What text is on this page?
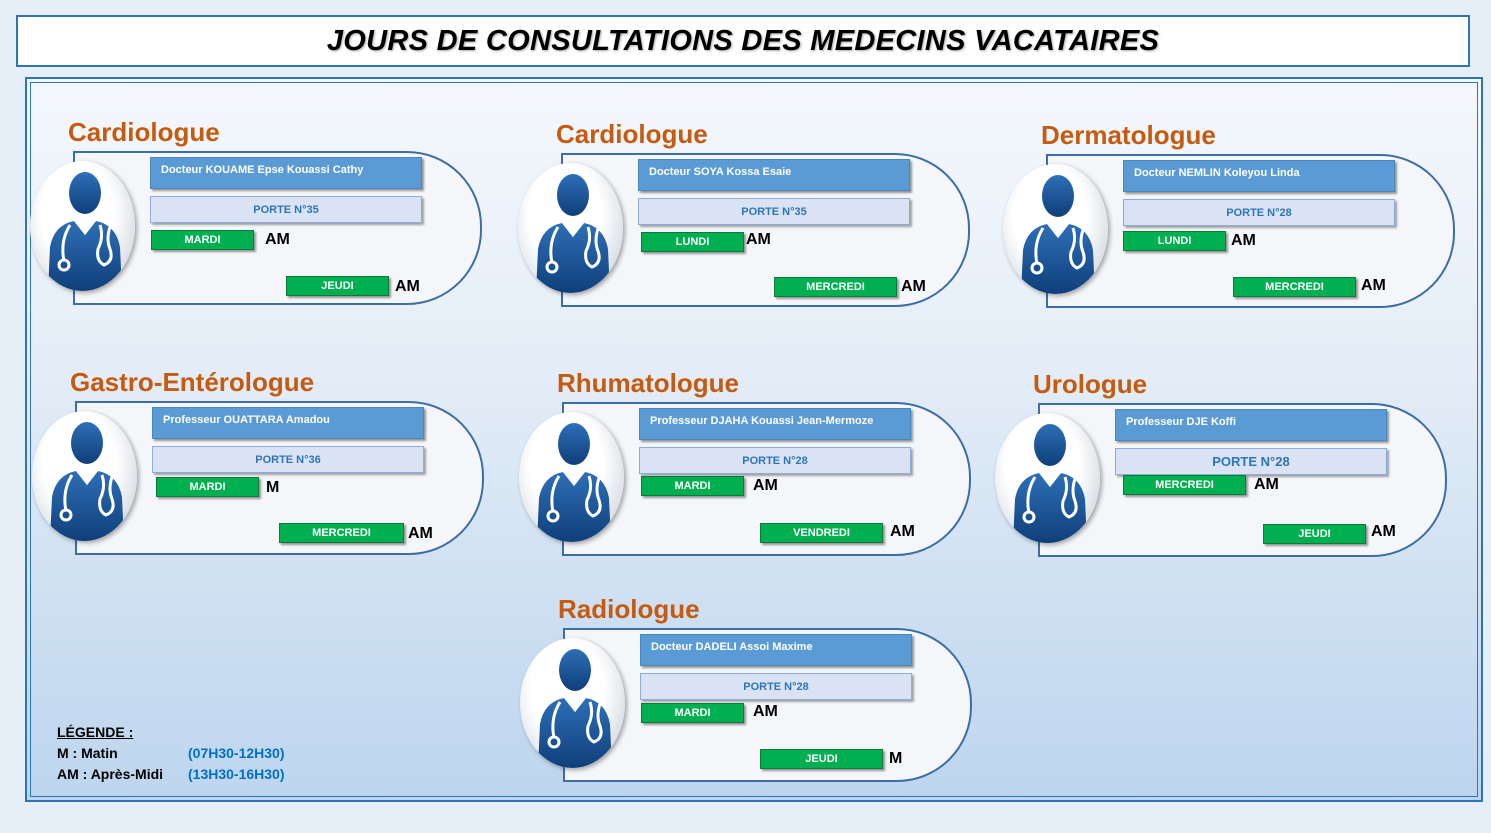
JOURS DE CONSULTATIONS DES MEDECINS VACATAIRES
Cardiologue
Docteur KOUAME Epse Kouassi Cathy
PORTE N°35
MARDI	AM
JEUDI	AM
Cardiologue
Docteur SOYA Kossa Esaie
PORTE N°35
LUNDI	AM
MERCREDI	AM
Dermatologue
Docteur NEMLIN Koleyou Linda
PORTE N°28
LUNDI	AM
MERCREDI	AM
Gastro-Entérologue
Professeur OUATTARA Amadou
PORTE N°36
MARDI	M
MERCREDI	AM
Rhumatologue
Professeur DJAHA Kouassi Jean-Mermoze
PORTE N°28
MARDI	AM
VENDREDI	AM
Urologue
Professeur DJE Koffi
PORTE N°28
MERCREDI	AM
JEUDI	AM
Radiologue
Docteur DADELI Assoi Maxime
PORTE N°28
MARDI	AM
JEUDI	M
LÉGENDE :
M : Matin	(07H30-12H30)
AM : Après-Midi	(13H30-16H30)
